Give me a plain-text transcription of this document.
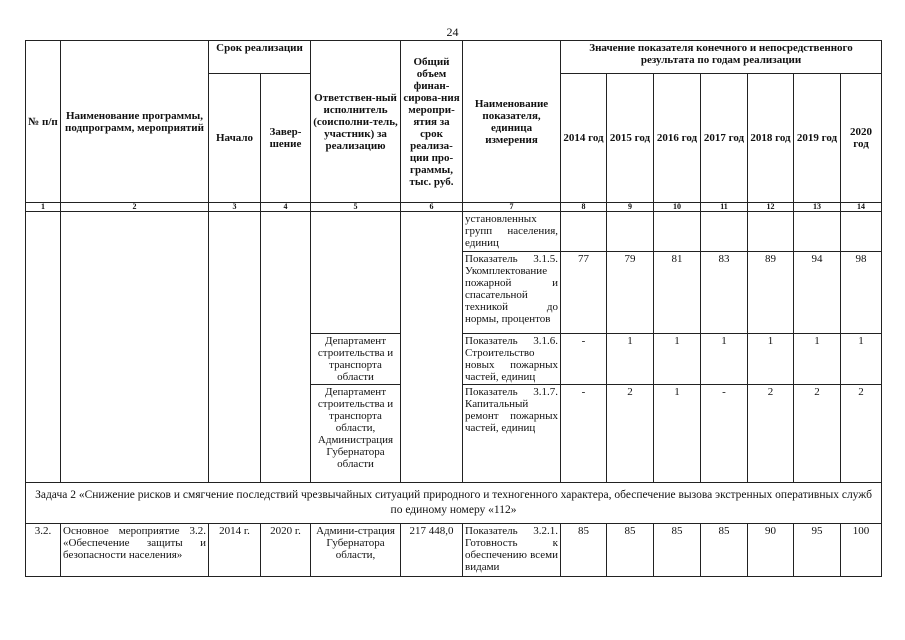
24
№ п/п	Наименование программы, подпрограмм, мероприятий	Срок реализации		Ответствен-ный исполнитель (соисполни-тель, участник) за реализацию	Общий объем финан-сирова-ния меропри-ятия за срок реализа-ции про-граммы, тыс. руб.	Наименование показателя, единица измерения	Значение показателя конечного и непосредственного результата по годам реализации						
		Начало	Завер-шение				2014 год	2015 год	2016 год	2017 год	2018 год	2019 год	2020 год
1	2	3	4	5	6	7	8	9	10	11	12	13	14
						установленных групп населения, единиц							
						Показатель 3.1.5. Укомплектование пожарной и спасательной техникой до нормы, процентов	77	79	81	83	89	94	98
				Департамент строительства и транспорта области		Показатель 3.1.6. Строительство новых пожарных частей, единиц	-	1	1	1	1	1	1
				Департамент строительства и транспорта области, Администрация Губернатора области		Показатель 3.1.7. Капитальный ремонт пожарных частей, единиц	-	2	1	-	2	2	2
Задача 2 «Снижение рисков и смягчение последствий чрезвычайных ситуаций природного и техногенного характера, обеспечение вызова экстренных оперативных служб по единому номеру «112»													
3.2.	Основное мероприятие 3.2. «Обеспечение защиты и безопасности населения»	2014 г.	2020 г.	Админи-страция Губернатора области,	217 448,0	Показатель 3.2.1. Готовность к обеспечению всеми видами	85	85	85	85	90	95	100
